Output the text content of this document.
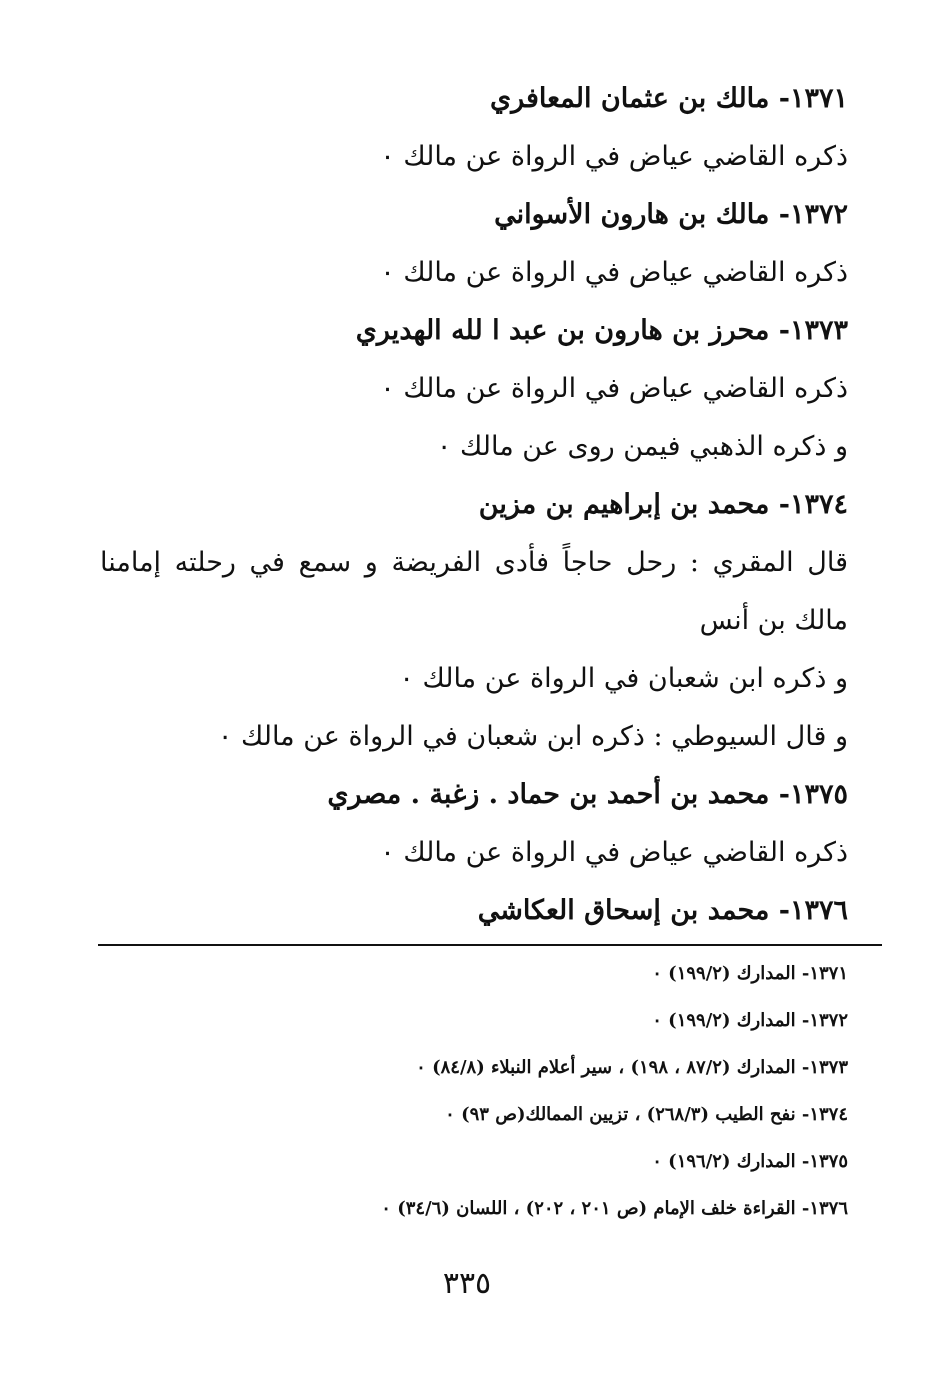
١٣٧١- مالك بن عثمان المعافري
ذكره القاضي عياض في الرواة عن مالك ٠
١٣٧٢- مالك بن هارون الأسواني
ذكره القاضي عياض في الرواة عن مالك ٠
١٣٧٣- محرز بن هارون بن عبد ا لله الهديري
ذكره القاضي عياض في الرواة عن مالك ٠
و ذكره الذهبي فيمن روى عن مالك ٠
١٣٧٤- محمد بن إبراهيم بن مزين
قال المقري : رحل حاجاً فأدى الفريضة و سمع في رحلته إمامنا مالك بن أنس
و ذكره ابن شعبان في الرواة عن مالك ٠
و قال السيوطي : ذكره ابن شعبان في الرواة عن مالك ٠
١٣٧٥- محمد بن أحمد بن حماد . زغبة . مصري
ذكره القاضي عياض في الرواة عن مالك ٠
١٣٧٦- محمد بن إسحاق العكاشي
١٣٧١- المدارك (١٩٩/٢) ٠
١٣٧٢- المدارك (١٩٩/٢) ٠
١٣٧٣- المدارك (٨٧/٢ ، ١٩٨) ، سير أعلام النبلاء (٨٤/٨) ٠
١٣٧٤- نفح الطيب (٢٦٨/٣) ، تزيين الممالك(ص ٩٣) ٠
١٣٧٥- المدارك (١٩٦/٢) ٠
١٣٧٦- القراءة خلف الإمام (ص ٢٠١ ، ٢٠٢) ، اللسان (٣٤/٦) ٠
٣٣٥
